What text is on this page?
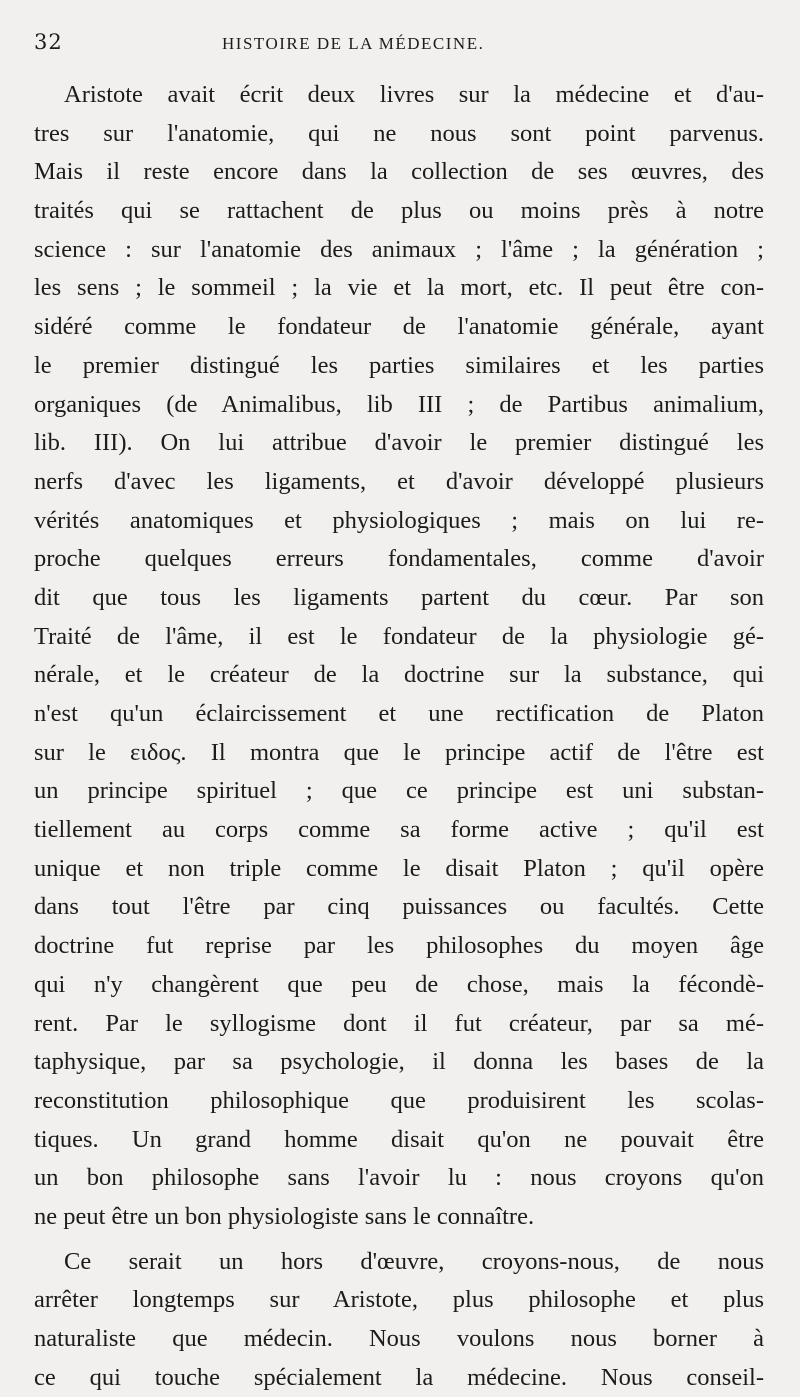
32	HISTOIRE DE LA MÉDECINE.
Aristote avait écrit deux livres sur la médecine et d'au-
tres sur l'anatomie, qui ne nous sont point parvenus.
Mais il reste encore dans la collection de ses œuvres, des
traités qui se rattachent de plus ou moins près à notre
science : sur l'anatomie des animaux ; l'âme ; la génération ;
les sens ; le sommeil ; la vie et la mort, etc. Il peut être con-
sidéré comme le fondateur de l'anatomie générale, ayant
le premier distingué les parties similaires et les parties
organiques (de Animalibus, lib III ; de Partibus animalium,
lib. III). On lui attribue d'avoir le premier distingué les
nerfs d'avec les ligaments, et d'avoir développé plusieurs
vérités anatomiques et physiologiques ; mais on lui re-
proche quelques erreurs fondamentales, comme d'avoir
dit que tous les ligaments partent du cœur. Par son
Traité de l'âme, il est le fondateur de la physiologie gé-
nérale, et le créateur de la doctrine sur la substance, qui
n'est qu'un éclaircissement et une rectification de Platon
sur le ειδος. Il montra que le principe actif de l'être est
un principe spirituel ; que ce principe est uni substan-
tiellement au corps comme sa forme active ; qu'il est
unique et non triple comme le disait Platon ; qu'il opère
dans tout l'être par cinq puissances ou facultés. Cette
doctrine fut reprise par les philosophes du moyen âge
qui n'y changèrent que peu de chose, mais la fécondè-
rent. Par le syllogisme dont il fut créateur, par sa mé-
taphysique, par sa psychologie, il donna les bases de la
reconstitution philosophique que produisirent les scolas-
tiques. Un grand homme disait qu'on ne pouvait être
un bon philosophe sans l'avoir lu : nous croyons qu'on
ne peut être un bon physiologiste sans le connaître.
Ce serait un hors d'œuvre, croyons-nous, de nous
arrêter longtemps sur Aristote, plus philosophe et plus
naturaliste que médecin. Nous voulons nous borner à
ce qui touche spécialement la médecine. Nous conseil-
